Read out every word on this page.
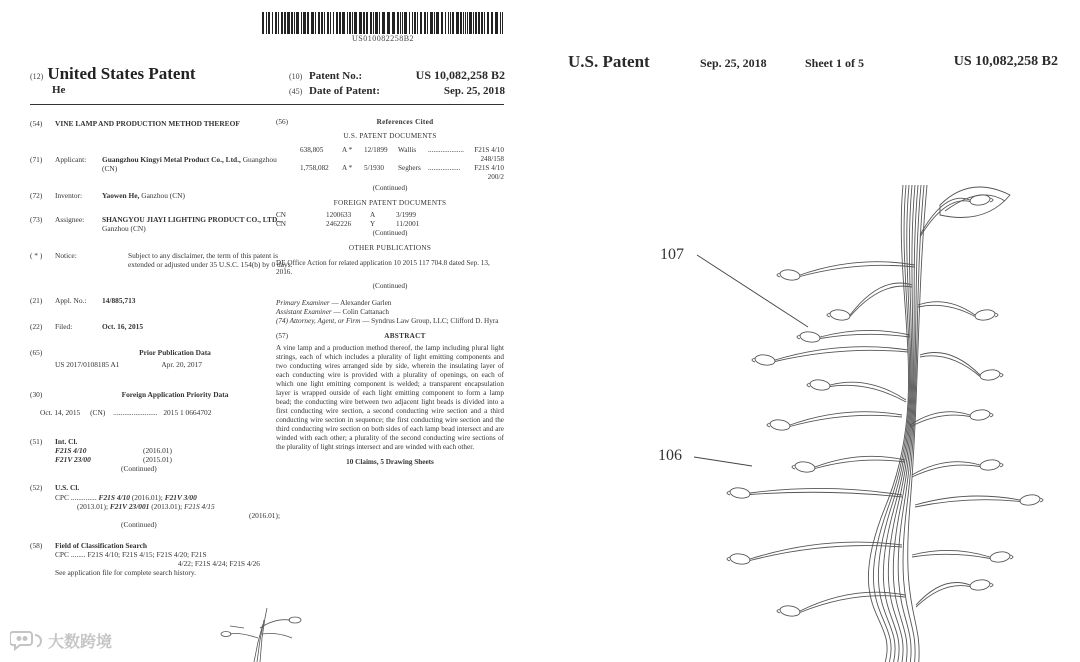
US010082258B2
(12) United States Patent
He
(10) Patent No.:	US 10,082,258 B2
(45) Date of Patent:	Sep. 25, 2018
(54)	VINE LAMP AND PRODUCTION METHOD THEREOF
(71)	Applicant:	Guangzhou Kingyi Metal Product Co., Ltd., Guangzhou (CN)
(72)	Inventor:	Yaowen He, Ganzhou (CN)
(73)	Assignee:	SHANGYOU JIAYI LIGHTING PRODUCT CO., LTD., Ganzhou (CN)
( * )	Notice:	Subject to any disclaimer, the term of this patent is extended or adjusted under 35 U.S.C. 154(b) by 0 days.
(21)	Appl. No.:	14/885,713
(22)	Filed:	Oct. 16, 2015
(65)	Prior Publication Data
US 2017/0108185 A1	Apr. 20, 2017
(30)	Foreign Application Priority Data
Oct. 14, 2015 (CN) ........................ 2015 1 0664702
(51)	Int. Cl.
F21S 4/10	(2016.01)
F21V 23/00	(2015.01)
(Continued)
(52)	U.S. Cl.
CPC .............. F21S 4/10 (2016.01); F21V 3/00
(2013.01); F21V 23/001 (2013.01); F21S 4/15
(2016.01);
(Continued)
(58)	Field of Classification Search
CPC ........ F21S 4/10; F21S 4/15; F21S 4/20; F21S
4/22; F21S 4/24; F21S 4/26
See application file for complete search history.
(56)	References Cited
U.S. PATENT DOCUMENTS
638,805	A * 12/1899 Wallis .................... F21S 4/10
248/158
1,758,082 A * 5/1930 Seghers .................. F21S 4/10
200/2
(Continued)
FOREIGN PATENT DOCUMENTS
CN	1200633	A	3/1999
CN	2462226	Y	11/2001
(Continued)
OTHER PUBLICATIONS
DE Office Action for related application 10 2015 117 704.8 dated Sep. 13, 2016.
(Continued)
Primary Examiner — Alexander Garlen
Assistant Examiner — Colin Cattanach
(74) Attorney, Agent, or Firm — Syndrus Law Group, LLC; Clifford D. Hyra
(57)	ABSTRACT
A vine lamp and a production method thereof, the lamp including plural light strings, each of which includes a plurality of light emitting components and two conducting wires arranged side by side, wherein the insulating layer of each conducting wire is provided with a plurality of openings, on each of which one light emitting component is welded; a transparent encapsulation layer is wrapped outside of each light emitting component to form a lamp bead; the conducting wire between two adjacent light beads is divided into a first conducting wire section, a second conducting wire section and a third conducting wire section in sequence; the first conducting wire section and the third conducting wire section on both sides of each lamp bead intersect and are winded with each other; a plurality of the second conducting wire sections of the plurality of light strings intersect and are winded with each other.
10 Claims, 5 Drawing Sheets
U.S. Patent	Sep. 25, 2018	Sheet 1 of 5	US 10,082,258 B2
107
106
大数跨境
